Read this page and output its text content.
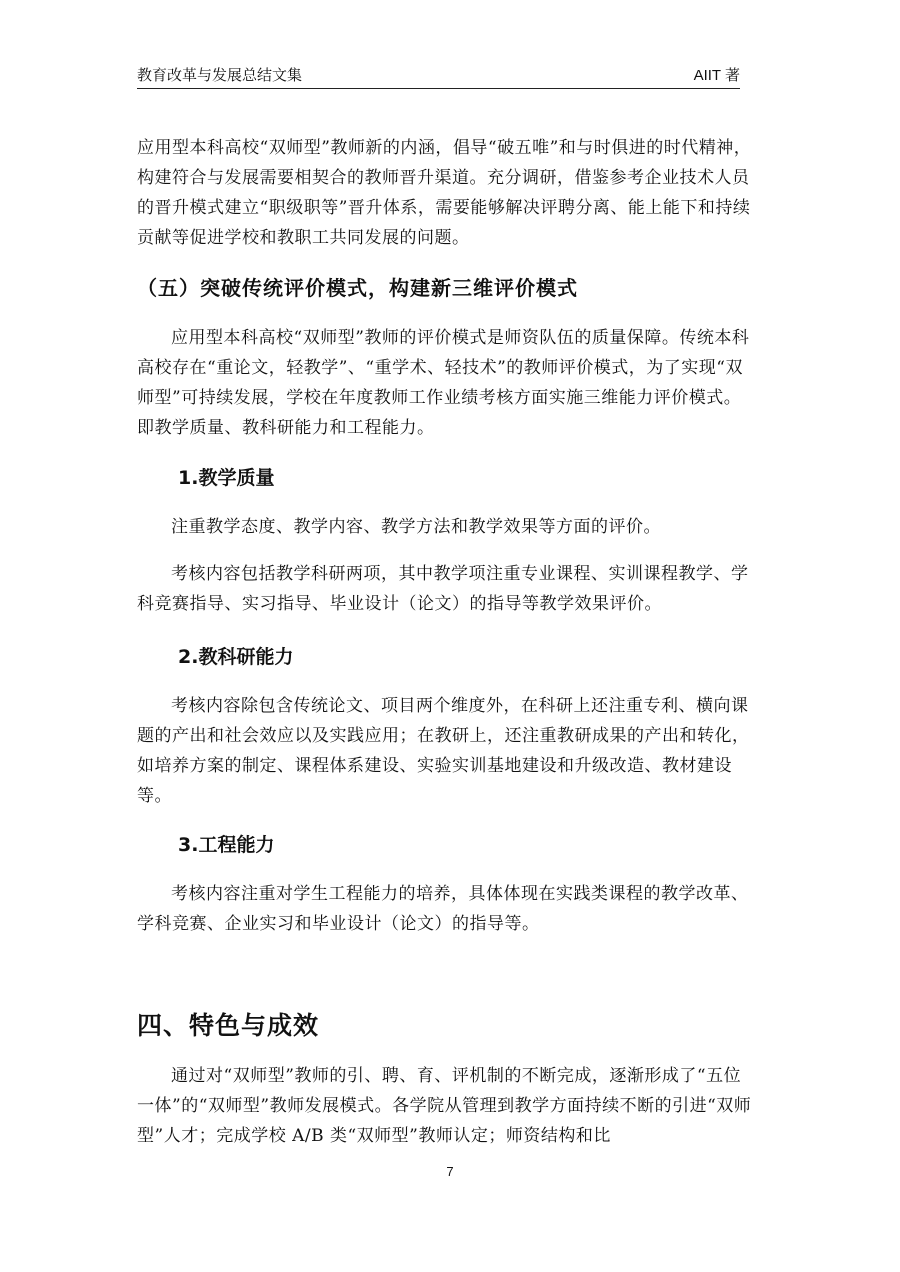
教育改革与发展总结文集	AIIT 著

应用型本科高校“双师型”教师新的内涵，倡导“破五唯”和与时俱进的时代精神，构建符合与发展需要相契合的教师晋升渠道。充分调研，借鉴参考企业技术人员的晋升模式建立“职级职等”晋升体系，需要能够解决评聘分离、能上能下和持续贡献等促进学校和教职工共同发展的问题。

（五）突破传统评价模式，构建新三维评价模式

应用型本科高校“双师型”教师的评价模式是师资队伍的质量保障。传统本科高校存在“重论文，轻教学”、“重学术、轻技术”的教师评价模式，为了实现“双师型”可持续发展，学校在年度教师工作业绩考核方面实施三维能力评价模式。即教学质量、教科研能力和工程能力。

1.教学质量

注重教学态度、教学内容、教学方法和教学效果等方面的评价。

考核内容包括教学科研两项，其中教学项注重专业课程、实训课程教学、学科竞赛指导、实习指导、毕业设计（论文）的指导等教学效果评价。

2.教科研能力

考核内容除包含传统论文、项目两个维度外，在科研上还注重专利、横向课题的产出和社会效应以及实践应用；在教研上，还注重教研成果的产出和转化，如培养方案的制定、课程体系建设、实验实训基地建设和升级改造、教材建设等。

3.工程能力

考核内容注重对学生工程能力的培养，具体体现在实践类课程的教学改革、学科竞赛、企业实习和毕业设计（论文）的指导等。

四、特色与成效

通过对“双师型”教师的引、聘、育、评机制的不断完成，逐渐形成了“五位一体”的“双师型”教师发展模式。各学院从管理到教学方面持续不断的引进“双师型”人才；完成学校 A/B 类“双师型”教师认定；师资结构和比

7
